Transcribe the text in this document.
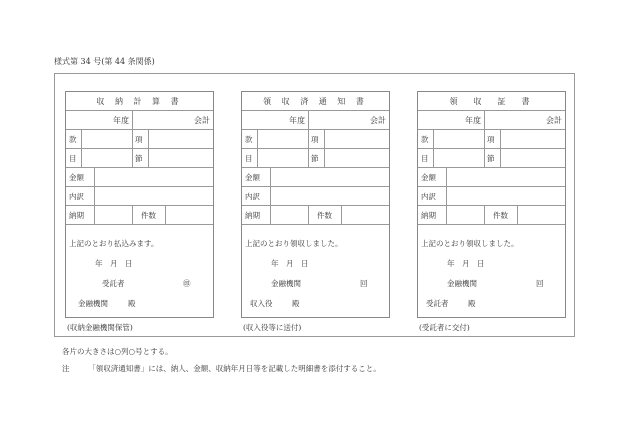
様式第 34 号(第 44 条関係)
収 納 計 算 書
年度	会計
款	項
目	節
金額
内訳
納期	件数
上記のとおり払込みます。
年　月　日
受託者	㊞
金融機関	殿
(収納金融機関保管)
領 収 済 通 知 書
年度	会計
款	項
目	節
金額
内訳
納期	件数
上記のとおり領収しました。
年　月　日
金融機関	回
収入役	殿
(収入役等に送付)
領　収　証　書
年度	会計
款	項
目	節
金額
内訳
納期	件数
上記のとおり領収しました。
年　月　日
金融機関	回
受託者	殿
(受託者に交付)
各片の大きさは○列○号とする。
注	「領収済通知書」には、納人、金額、収納年月日等を記載した明細書を添付すること。
